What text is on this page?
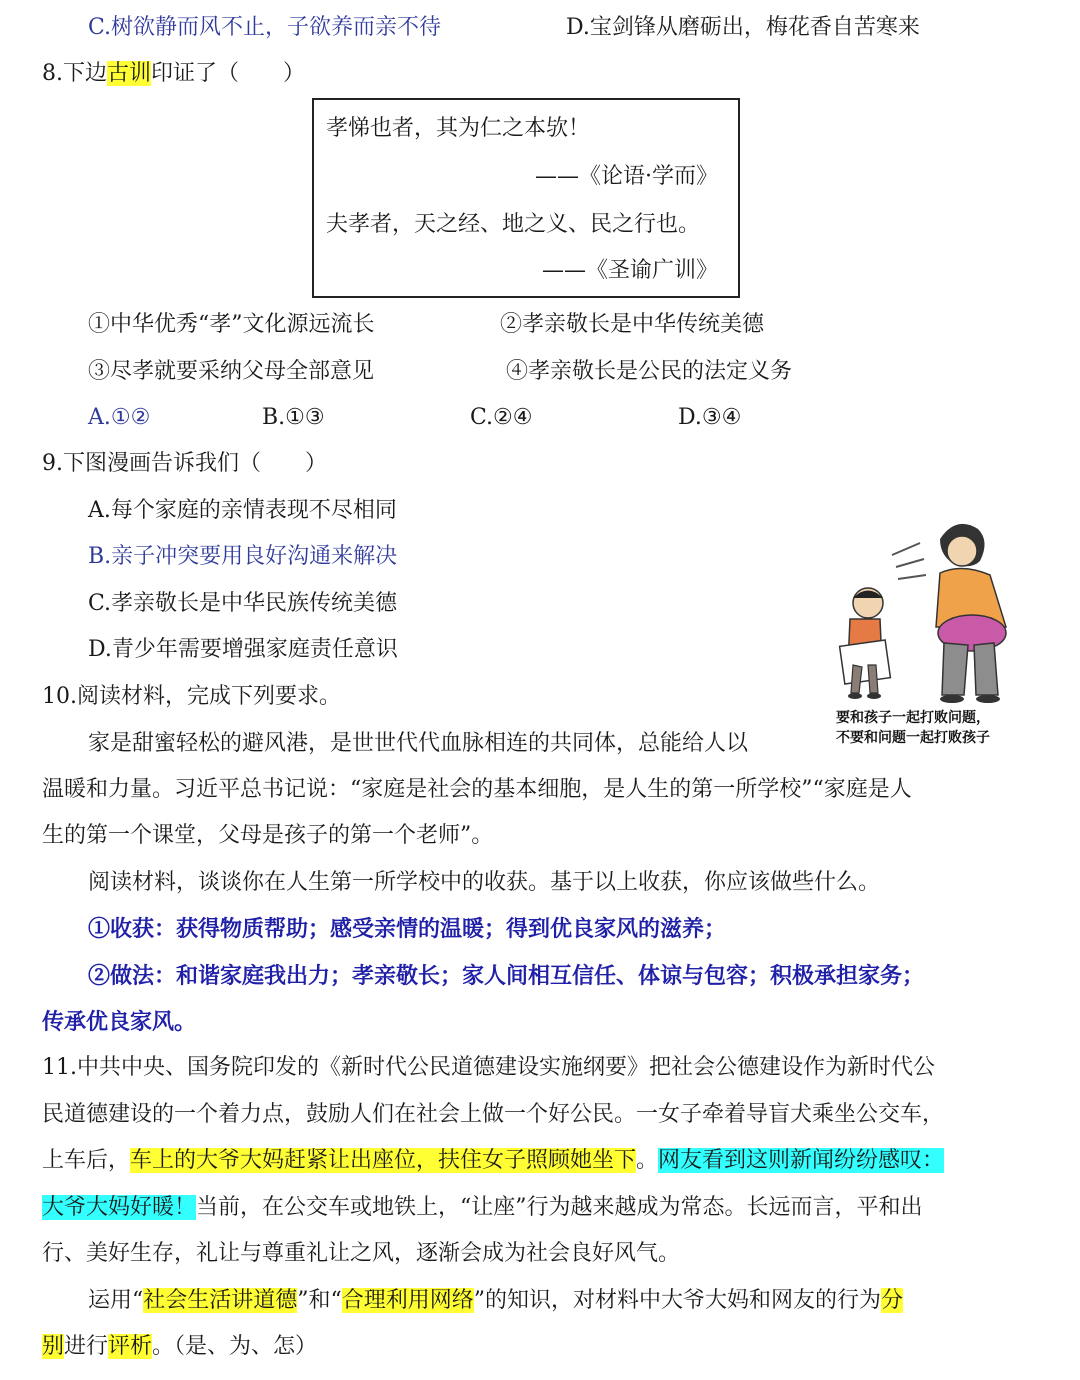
C.树欲静而风不止，子欲养而亲不待	D.宝剑锋从磨砺出，梅花香自苦寒来
8.下边古训印证了（　　）
孝悌也者，其为仁之本欤！
——《论语·学而》
夫孝者，天之经、地之义、民之行也。
——《圣谕广训》
①中华优秀“孝”文化源远流长	②孝亲敬长是中华传统美德
③尽孝就要采纳父母全部意见	④孝亲敬长是公民的法定义务
A.①②	B.①③	C.②④	D.③④
9.下图漫画告诉我们（　　）
A.每个家庭的亲情表现不尽相同
B.亲子冲突要用良好沟通来解决
C.孝亲敬长是中华民族传统美德
D.青少年需要增强家庭责任意识
要和孩子一起打败问题，
不要和问题一起打败孩子
10.阅读材料，完成下列要求。
家是甜蜜轻松的避风港，是世世代代血脉相连的共同体，总能给人以
温暖和力量。习近平总书记说：“家庭是社会的基本细胞，是人生的第一所学校”“家庭是人
生的第一个课堂，父母是孩子的第一个老师”。
阅读材料，谈谈你在人生第一所学校中的收获。基于以上收获，你应该做些什么。
①收获：获得物质帮助；感受亲情的温暖；得到优良家风的滋养；
②做法：和谐家庭我出力；孝亲敬长；家人间相互信任、体谅与包容；积极承担家务；
传承优良家风。
11.中共中央、国务院印发的《新时代公民道德建设实施纲要》把社会公德建设作为新时代公
民道德建设的一个着力点，鼓励人们在社会上做一个好公民。一女子牵着导盲犬乘坐公交车，
上车后，车上的大爷大妈赶紧让出座位，扶住女子照顾她坐下。网友看到这则新闻纷纷感叹：
大爷大妈好暖！当前，在公交车或地铁上，“让座”行为越来越成为常态。长远而言，平和出
行、美好生存，礼让与尊重礼让之风，逐渐会成为社会良好风气。
运用“社会生活讲道德”和“合理利用网络”的知识，对材料中大爷大妈和网友的行为分
别进行评析。（是、为、怎）
